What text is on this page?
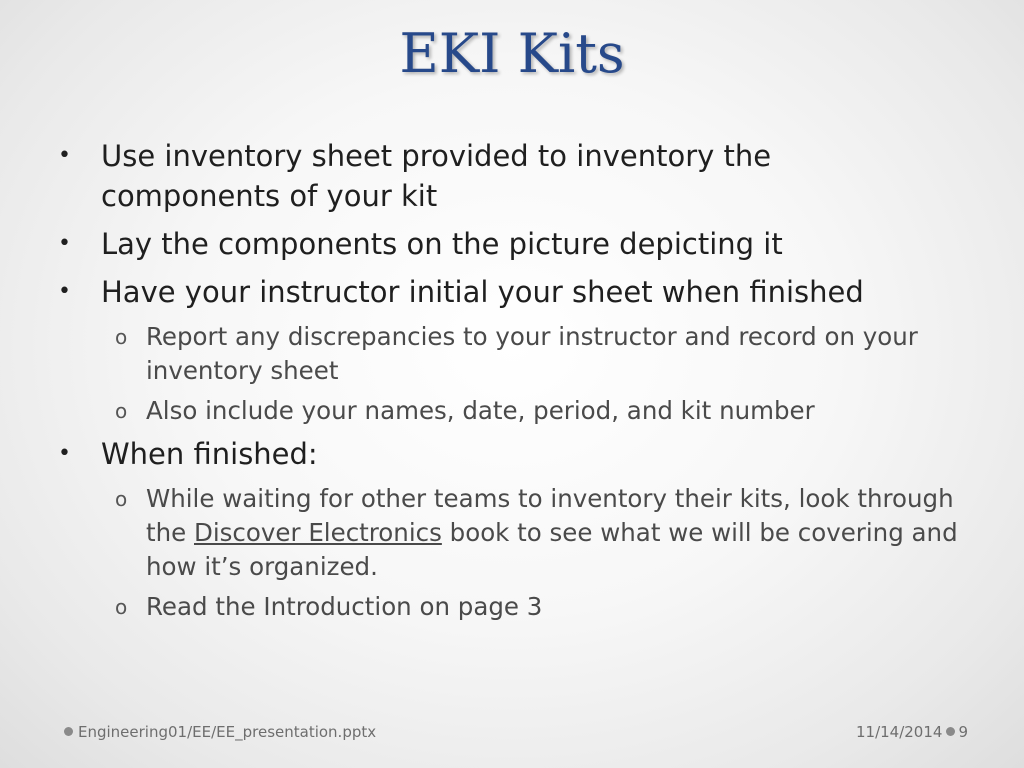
EKI Kits
• Use inventory sheet provided to inventory the components of your kit
• Lay the components on the picture depicting it
• Have your instructor initial your sheet when finished
o Report any discrepancies to your instructor and record on your inventory sheet
o Also include your names, date, period, and kit number
• When finished:
o While waiting for other teams to inventory their kits, look through the Discover Electronics book to see what we will be covering and how it’s organized.
o Read the Introduction on page 3
Engineering01/EE/EE_presentation.pptx	11/14/2014 9
